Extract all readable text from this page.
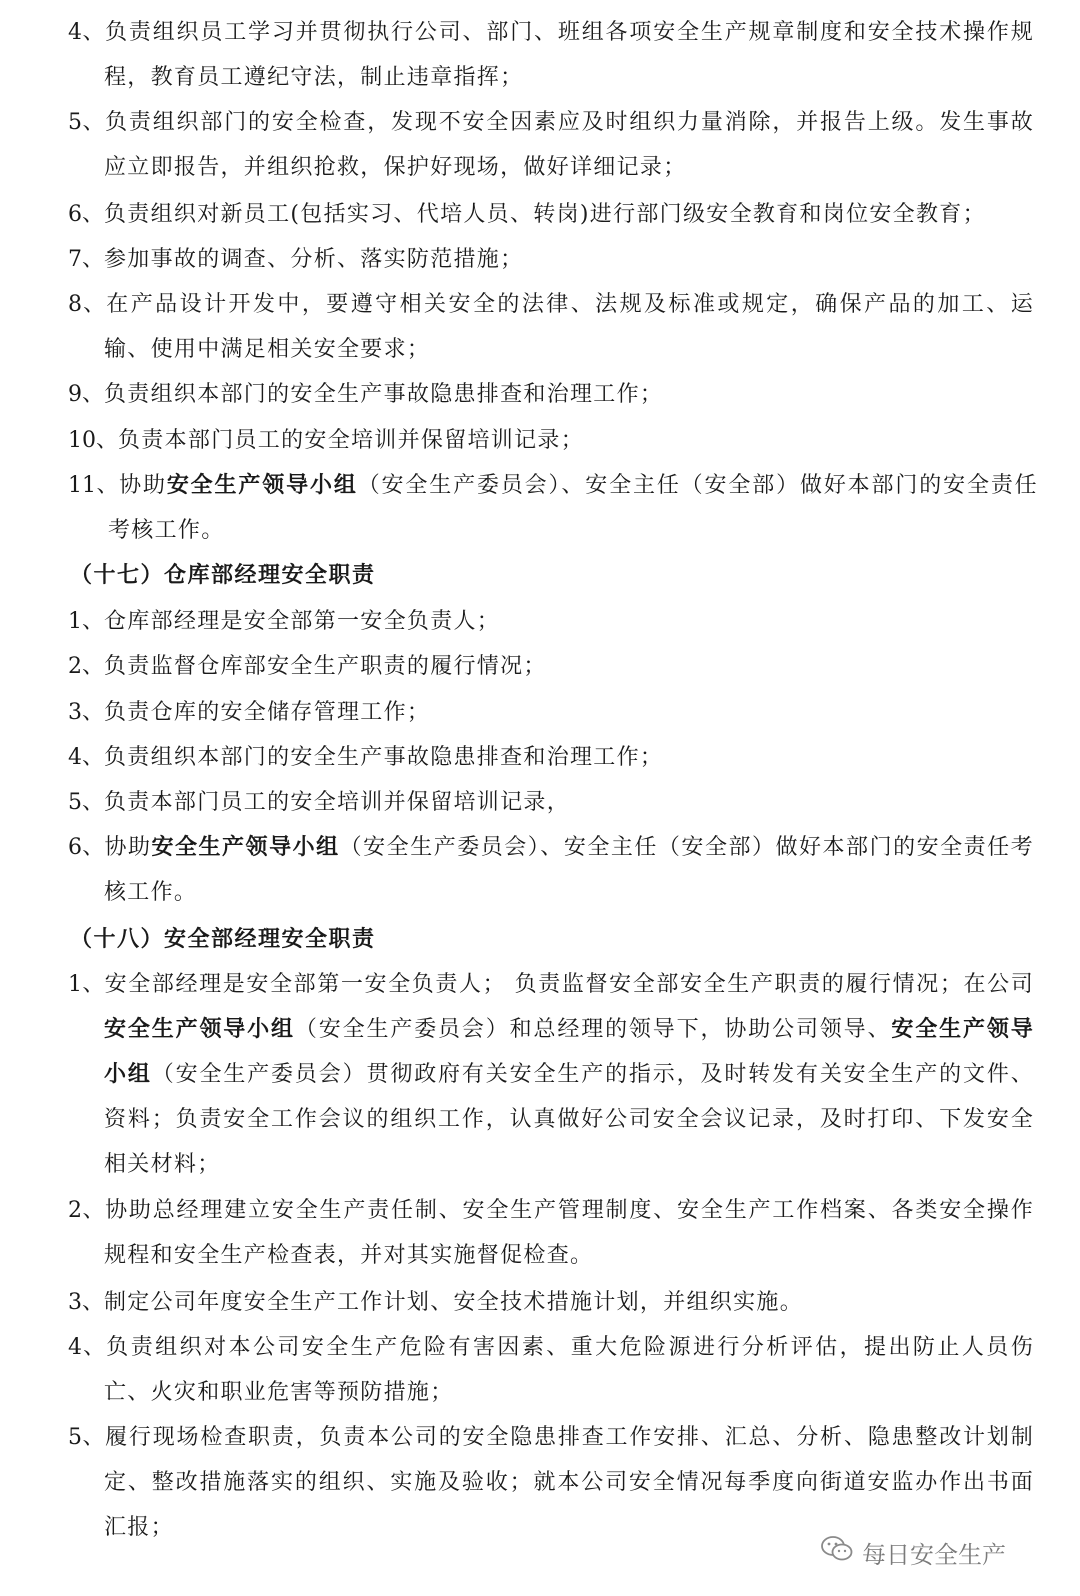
4、负责组织员工学习并贯彻执行公司、部门、班组各项安全生产规章制度和安全技术操作规程，教育员工遵纪守法，制止违章指挥；

5、负责组织部门的安全检查，发现不安全因素应及时组织力量消除，并报告上级。发生事故应立即报告，并组织抢救，保护好现场，做好详细记录；

6、负责组织对新员工(包括实习、代培人员、转岗)进行部门级安全教育和岗位安全教育；

7、参加事故的调查、分析、落实防范措施；

8、在产品设计开发中，要遵守相关安全的法律、法规及标准或规定，确保产品的加工、运输、使用中满足相关安全要求；

9、负责组织本部门的安全生产事故隐患排查和治理工作；

10、负责本部门员工的安全培训并保留培训记录；

11、协助安全生产领导小组（安全生产委员会）、安全主任（安全部）做好本部门的安全责任考核工作。

（十七）仓库部经理安全职责

1、仓库部经理是安全部第一安全负责人；

2、负责监督仓库部安全生产职责的履行情况；

3、负责仓库的安全储存管理工作；

4、负责组织本部门的安全生产事故隐患排查和治理工作；

5、负责本部门员工的安全培训并保留培训记录，

6、协助安全生产领导小组（安全生产委员会）、安全主任（安全部）做好本部门的安全责任考核工作。

（十八）安全部经理安全职责

1、安全部经理是安全部第一安全负责人； 负责监督安全部安全生产职责的履行情况；在公司安全生产领导小组（安全生产委员会）和总经理的领导下，协助公司领导、安全生产领导小组（安全生产委员会）贯彻政府有关安全生产的指示，及时转发有关安全生产的文件、资料；负责安全工作会议的组织工作，认真做好公司安全会议记录，及时打印、下发安全相关材料；

2、协助总经理建立安全生产责任制、安全生产管理制度、安全生产工作档案、各类安全操作规程和安全生产检查表，并对其实施督促检查。

3、制定公司年度安全生产工作计划、安全技术措施计划，并组织实施。

4、负责组织对本公司安全生产危险有害因素、重大危险源进行分析评估，提出防止人员伤亡、火灾和职业危害等预防措施；

5、履行现场检查职责，负责本公司的安全隐患排查工作安排、汇总、分析、隐患整改计划制定、整改措施落实的组织、实施及验收；就本公司安全情况每季度向街道安监办作出书面汇报；

每日安全生产
